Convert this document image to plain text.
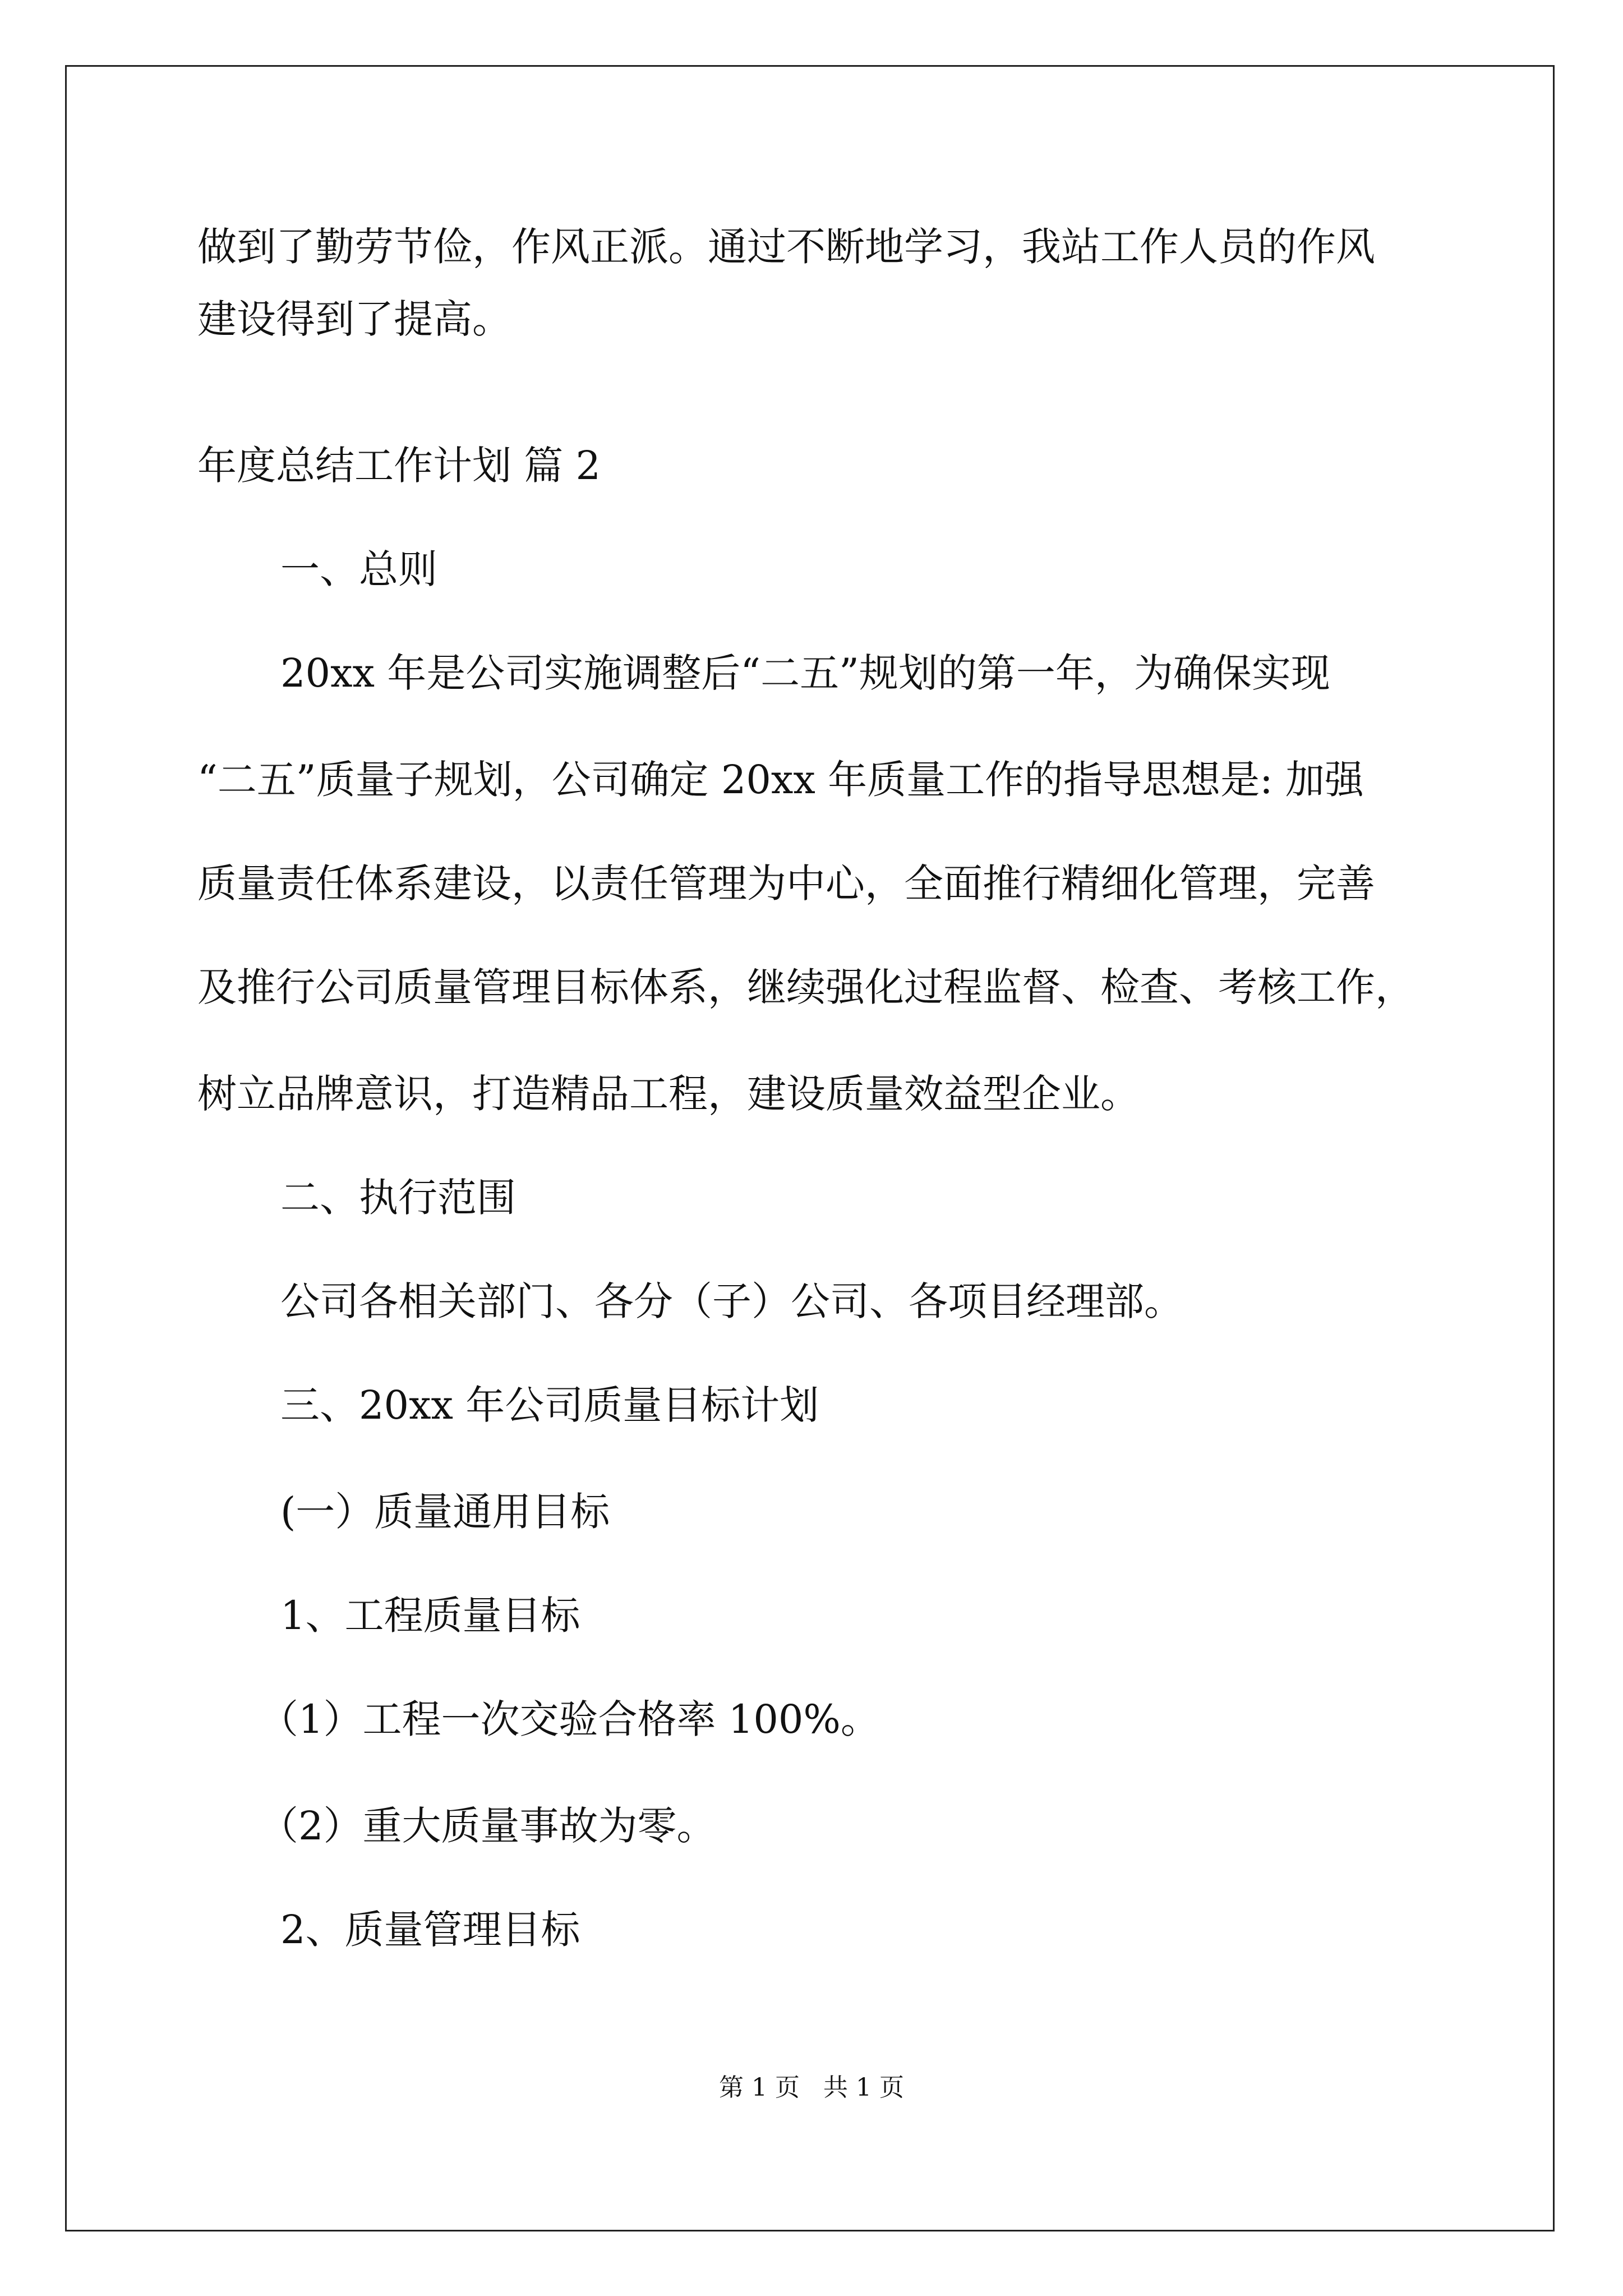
做到了勤劳节俭，作风正派。通过不断地学习，我站工作人员的作风
建设得到了提高。
年度总结工作计划 篇 2
一、总则
20xx 年是公司实施调整后“二五”规划的第一年，为确保实现
“二五”质量子规划，公司确定 20xx 年质量工作的指导思想是: 加强
质量责任体系建设，以责任管理为中心，全面推行精细化管理，完善
及推行公司质量管理目标体系，继续强化过程监督、检查、考核工作，
树立品牌意识，打造精品工程，建设质量效益型企业。
二、执行范围
公司各相关部门、各分（子）公司、各项目经理部。
三、20xx 年公司质量目标计划
(一）质量通用目标
1、工程质量目标
（1）工程一次交验合格率 100%。
（2）重大质量事故为零。
2、质量管理目标
第 1 页   共 1 页
